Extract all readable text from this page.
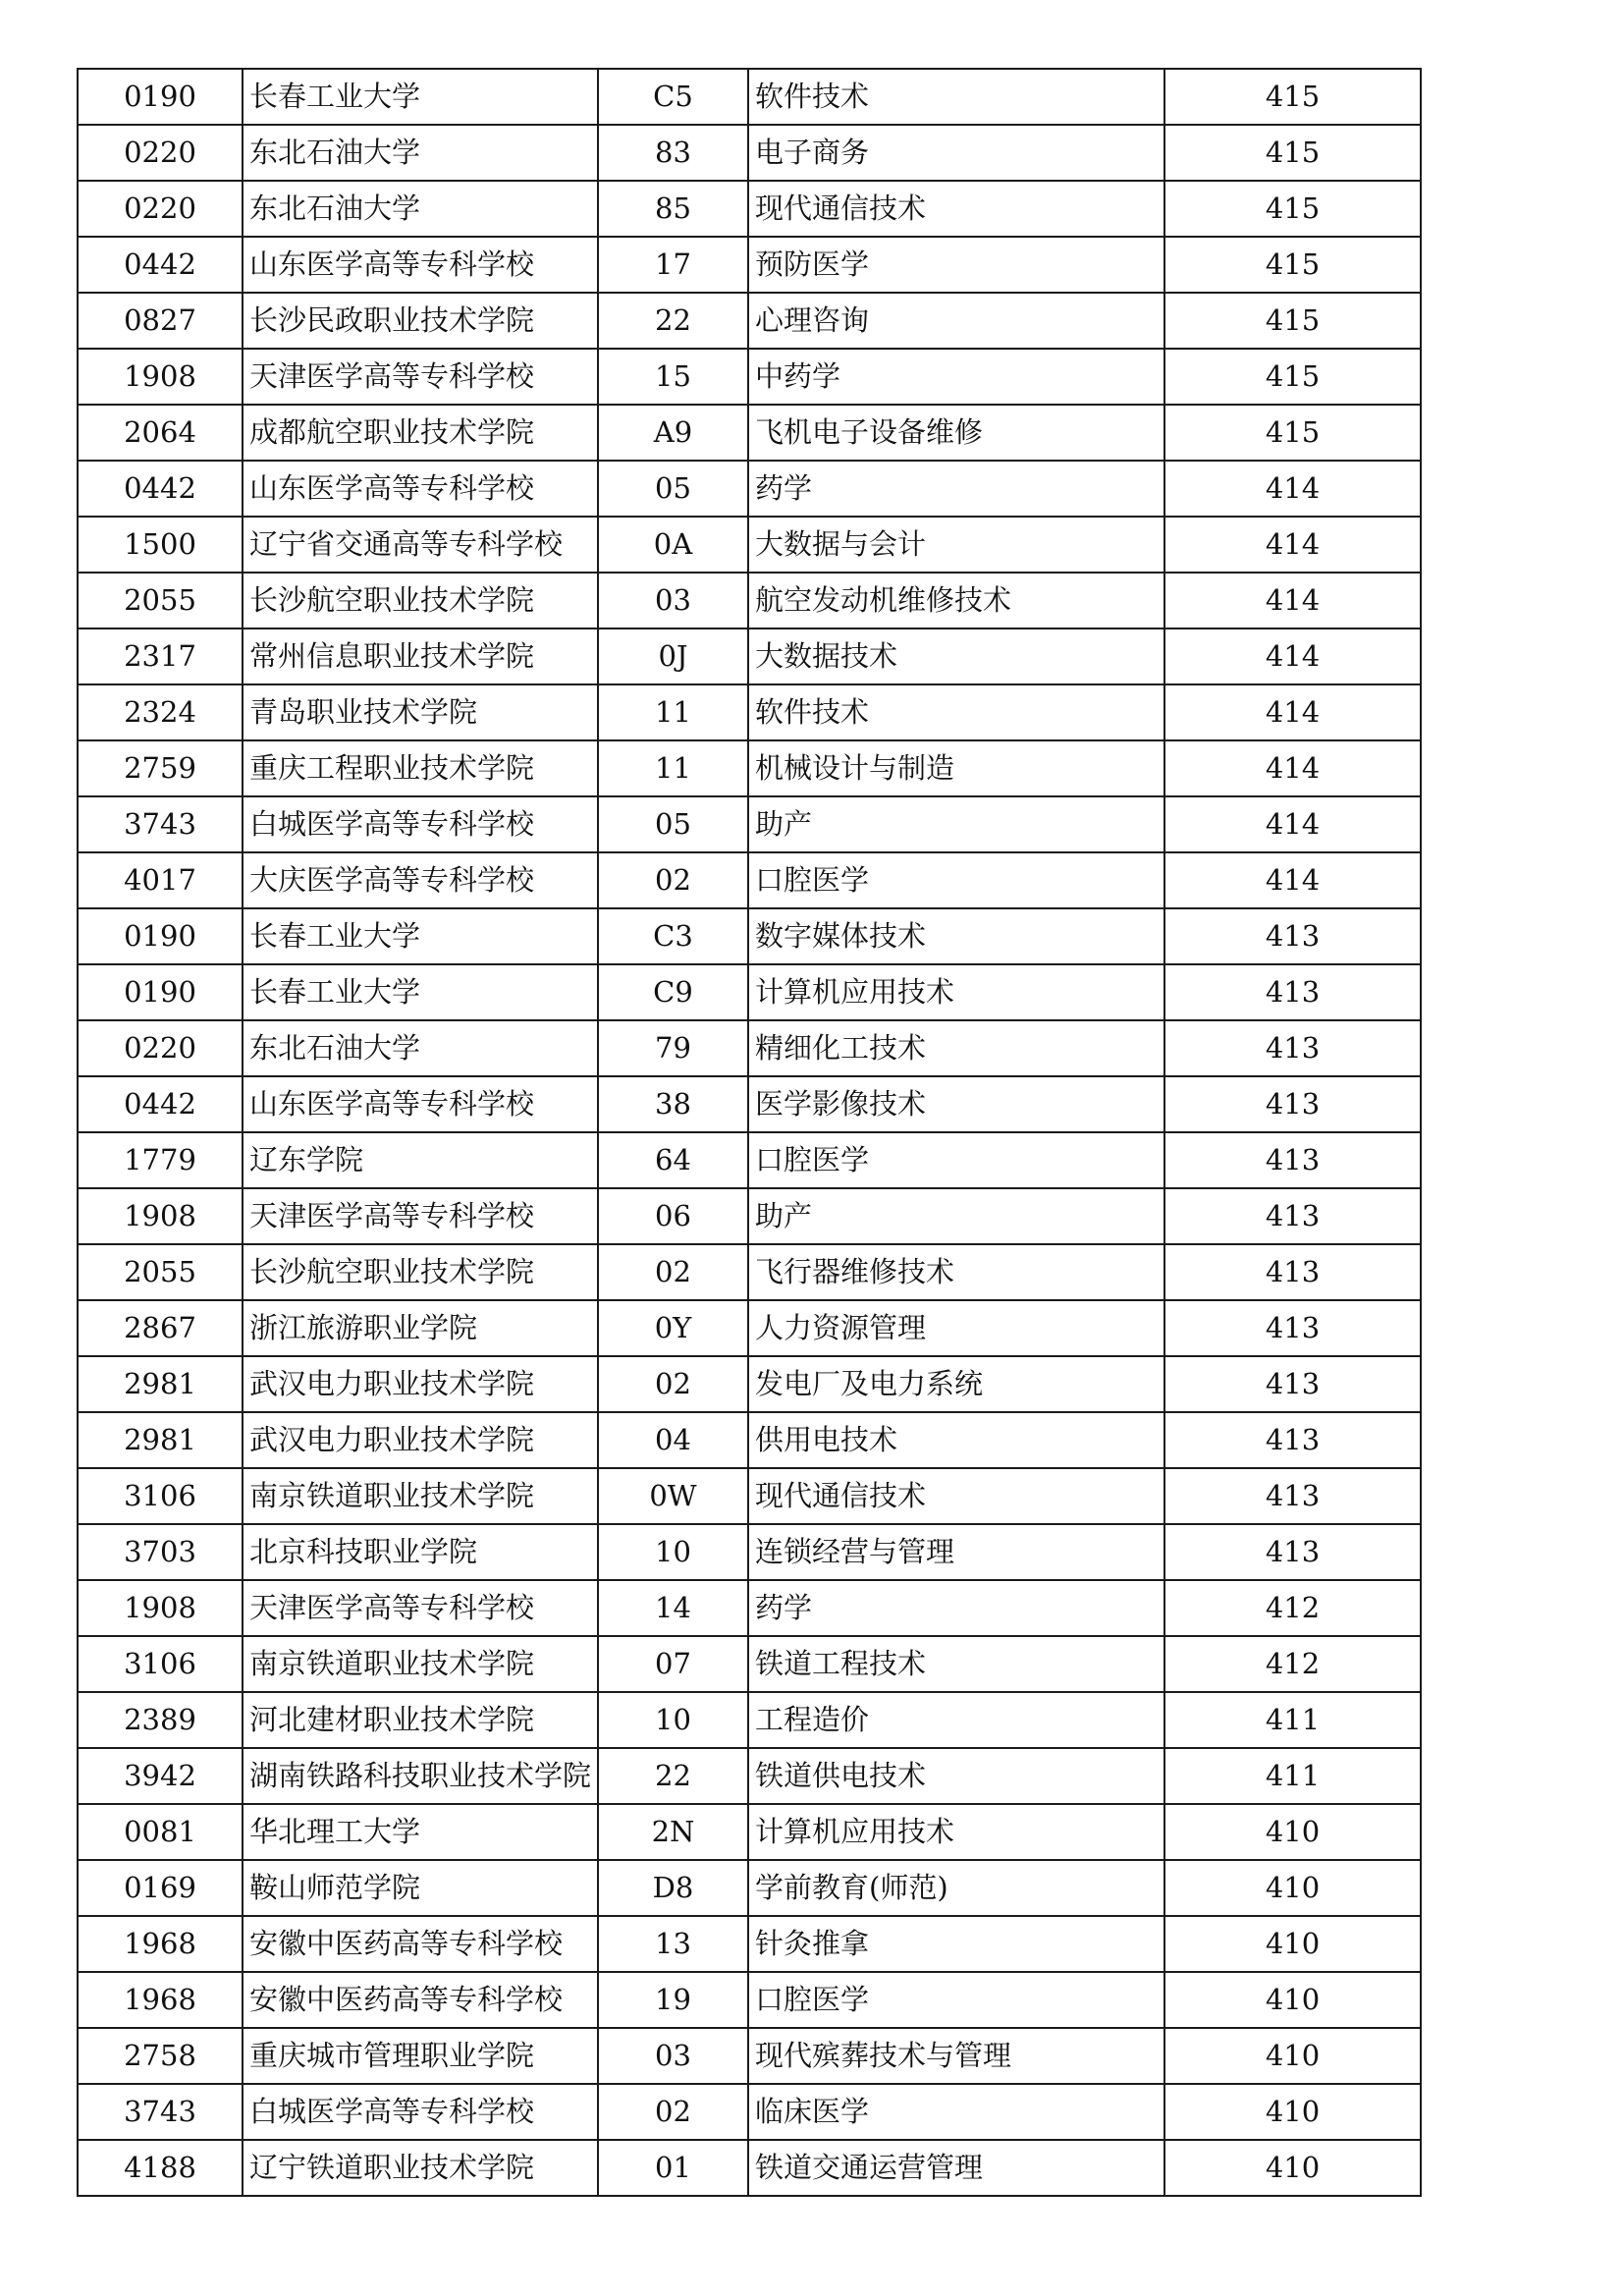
0190	长春工业大学	C5	软件技术	415
0220	东北石油大学	83	电子商务	415
0220	东北石油大学	85	现代通信技术	415
0442	山东医学高等专科学校	17	预防医学	415
0827	长沙民政职业技术学院	22	心理咨询	415
1908	天津医学高等专科学校	15	中药学	415
2064	成都航空职业技术学院	A9	飞机电子设备维修	415
0442	山东医学高等专科学校	05	药学	414
1500	辽宁省交通高等专科学校	0A	大数据与会计	414
2055	长沙航空职业技术学院	03	航空发动机维修技术	414
2317	常州信息职业技术学院	0J	大数据技术	414
2324	青岛职业技术学院	11	软件技术	414
2759	重庆工程职业技术学院	11	机械设计与制造	414
3743	白城医学高等专科学校	05	助产	414
4017	大庆医学高等专科学校	02	口腔医学	414
0190	长春工业大学	C3	数字媒体技术	413
0190	长春工业大学	C9	计算机应用技术	413
0220	东北石油大学	79	精细化工技术	413
0442	山东医学高等专科学校	38	医学影像技术	413
1779	辽东学院	64	口腔医学	413
1908	天津医学高等专科学校	06	助产	413
2055	长沙航空职业技术学院	02	飞行器维修技术	413
2867	浙江旅游职业学院	0Y	人力资源管理	413
2981	武汉电力职业技术学院	02	发电厂及电力系统	413
2981	武汉电力职业技术学院	04	供用电技术	413
3106	南京铁道职业技术学院	0W	现代通信技术	413
3703	北京科技职业学院	10	连锁经营与管理	413
1908	天津医学高等专科学校	14	药学	412
3106	南京铁道职业技术学院	07	铁道工程技术	412
2389	河北建材职业技术学院	10	工程造价	411
3942	湖南铁路科技职业技术学院	22	铁道供电技术	411
0081	华北理工大学	2N	计算机应用技术	410
0169	鞍山师范学院	D8	学前教育(师范)	410
1968	安徽中医药高等专科学校	13	针灸推拿	410
1968	安徽中医药高等专科学校	19	口腔医学	410
2758	重庆城市管理职业学院	03	现代殡葬技术与管理	410
3743	白城医学高等专科学校	02	临床医学	410
4188	辽宁铁道职业技术学院	01	铁道交通运营管理	410
